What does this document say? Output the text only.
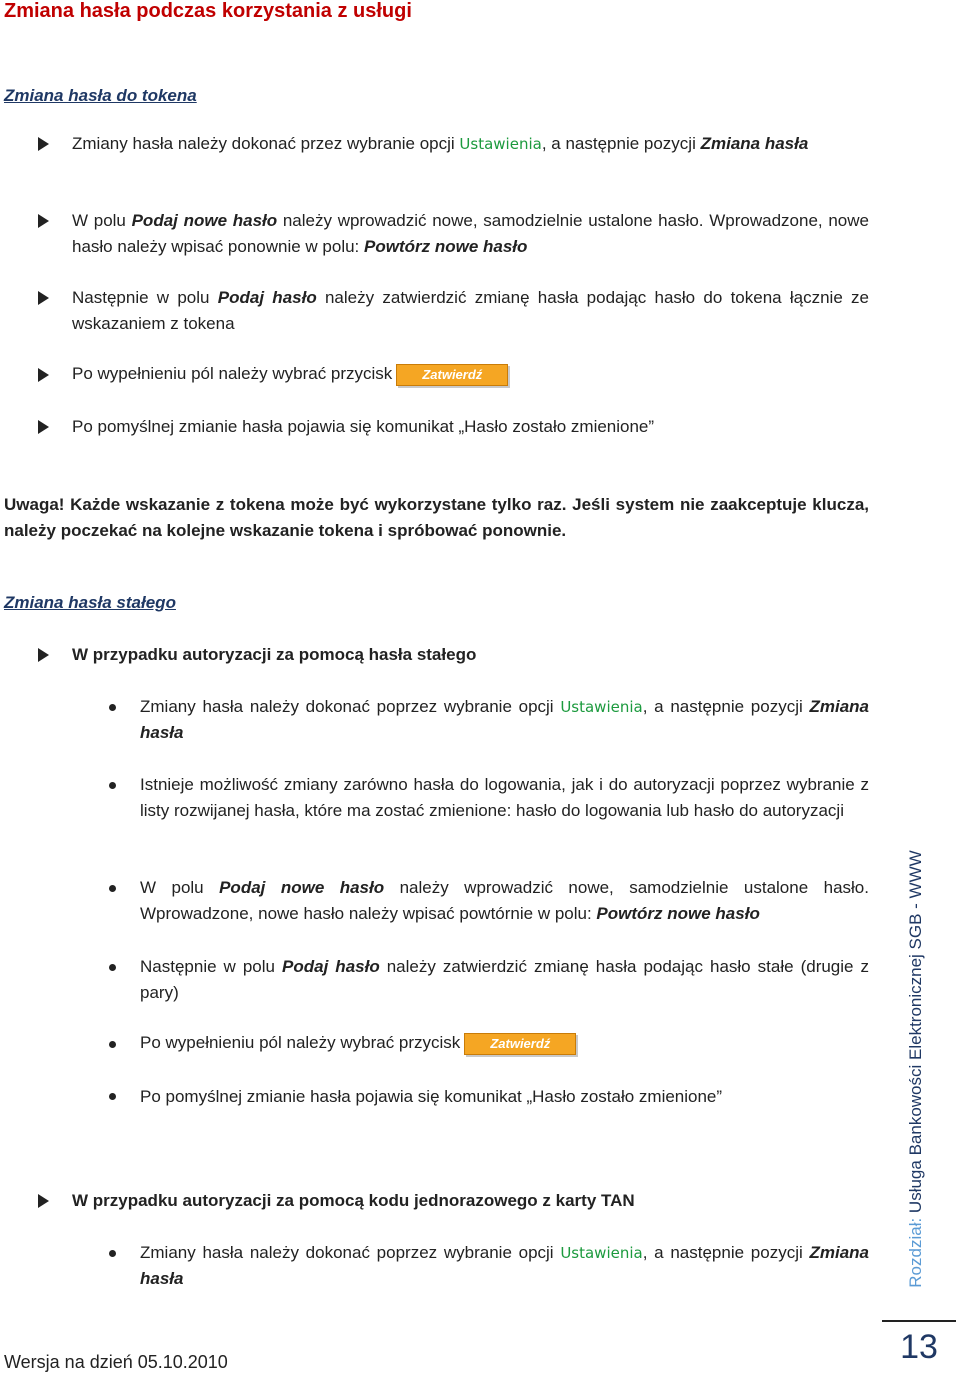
Zmiana hasła podczas korzystania z usługi
Zmiana hasła do tokena
Zmiany hasła należy dokonać przez wybranie opcji Ustawienia, a następnie pozycji Zmiana hasła
W polu Podaj nowe hasło należy wprowadzić nowe, samodzielnie ustalone hasło. Wprowadzone, nowe hasło należy wpisać ponownie w polu: Powtórz nowe hasło
Następnie w polu Podaj hasło należy zatwierdzić zmianę hasła podając hasło do tokena łącznie ze wskazaniem z tokena
Po wypełnieniu pól należy wybrać przycisk Zatwierdź
Po pomyślnej zmianie hasła pojawia się komunikat „Hasło zostało zmienione”
Uwaga! Każde wskazanie z tokena może być wykorzystane tylko raz. Jeśli system nie zaakceptuje klucza, należy poczekać na kolejne wskazanie tokena i spróbować ponownie.
Zmiana hasła stałego
W przypadku autoryzacji za pomocą hasła stałego
Zmiany hasła należy dokonać poprzez wybranie opcji Ustawienia, a następnie pozycji Zmiana hasła
Istnieje możliwość zmiany zarówno hasła do logowania, jak i do autoryzacji poprzez wybranie z listy rozwijanej hasła, które ma zostać zmienione: hasło do logowania lub hasło do autoryzacji
W polu Podaj nowe hasło należy wprowadzić nowe, samodzielnie ustalone hasło. Wprowadzone, nowe hasło należy wpisać powtórnie w polu: Powtórz nowe hasło
Następnie w polu Podaj hasło należy zatwierdzić zmianę hasła podając hasło stałe (drugie z pary)
Po wypełnieniu pól należy wybrać przycisk Zatwierdź
Po pomyślnej zmianie hasła pojawia się komunikat „Hasło zostało zmienione”
W przypadku autoryzacji za pomocą kodu jednorazowego z karty TAN
Zmiany hasła należy dokonać poprzez wybranie opcji Ustawienia, a następnie pozycji Zmiana hasła	Rozdział: Usługa Bankowości Elektronicznej SGB - WWW
13
Wersja na dzień 05.10.2010
